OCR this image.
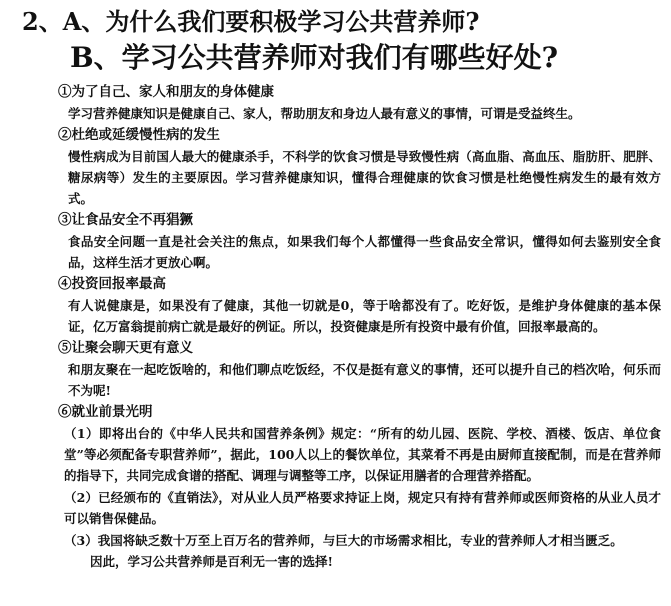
2、A、为什么我们要积极学习公共营养师?
B、学习公共营养师对我们有哪些好处?

①为了自己、家人和朋友的身体健康

学习营养健康知识是健康自己、家人，帮助朋友和身边人最有意义的事情，可谓是受益终生。

②杜绝或延缓慢性病的发生

慢性病成为目前国人最大的健康杀手，不科学的饮食习惯是导致慢性病（高血脂、高血压、脂肪肝、肥胖、糖尿病等）发生的主要原因。学习营养健康知识，懂得合理健康的饮食习惯是杜绝慢性病发生的最有效方式。

③让食品安全不再猖獗

食品安全问题一直是社会关注的焦点，如果我们每个人都懂得一些食品安全常识，懂得如何去鉴别安全食品，这样生活才更放心啊。

④投资回报率最高

有人说健康是，如果没有了健康，其他一切就是0，等于啥都没有了。吃好饭，是维护身体健康的基本保证，亿万富翁提前病亡就是最好的例证。所以，投资健康是所有投资中最有价值，回报率最高的。

⑤让聚会聊天更有意义

和朋友聚在一起吃饭啥的，和他们聊点吃饭经，不仅是挺有意义的事情，还可以提升自己的档次哈，何乐而不为呢!

⑥就业前景光明

（1）即将出台的《中华人民共和国营养条例》规定：“所有的幼儿园、医院、学校、酒楼、饭店、单位食堂”等必须配备专职营养师”，据此，100人以上的餐饮单位，其菜肴不再是由厨师直接配制，而是在营养师的指导下，共同完成食谱的搭配、调理与调整等工序，以保证用膳者的合理营养搭配。

（2）已经颁布的《直销法》，对从业人员严格要求持证上岗，规定只有持有营养师或医师资格的从业人员才可以销售保健品。

（3）我国将缺乏数十万至上百万名的营养师，与巨大的市场需求相比，专业的营养师人才相当匮乏。
因此，学习公共营养师是百利无一害的选择!
